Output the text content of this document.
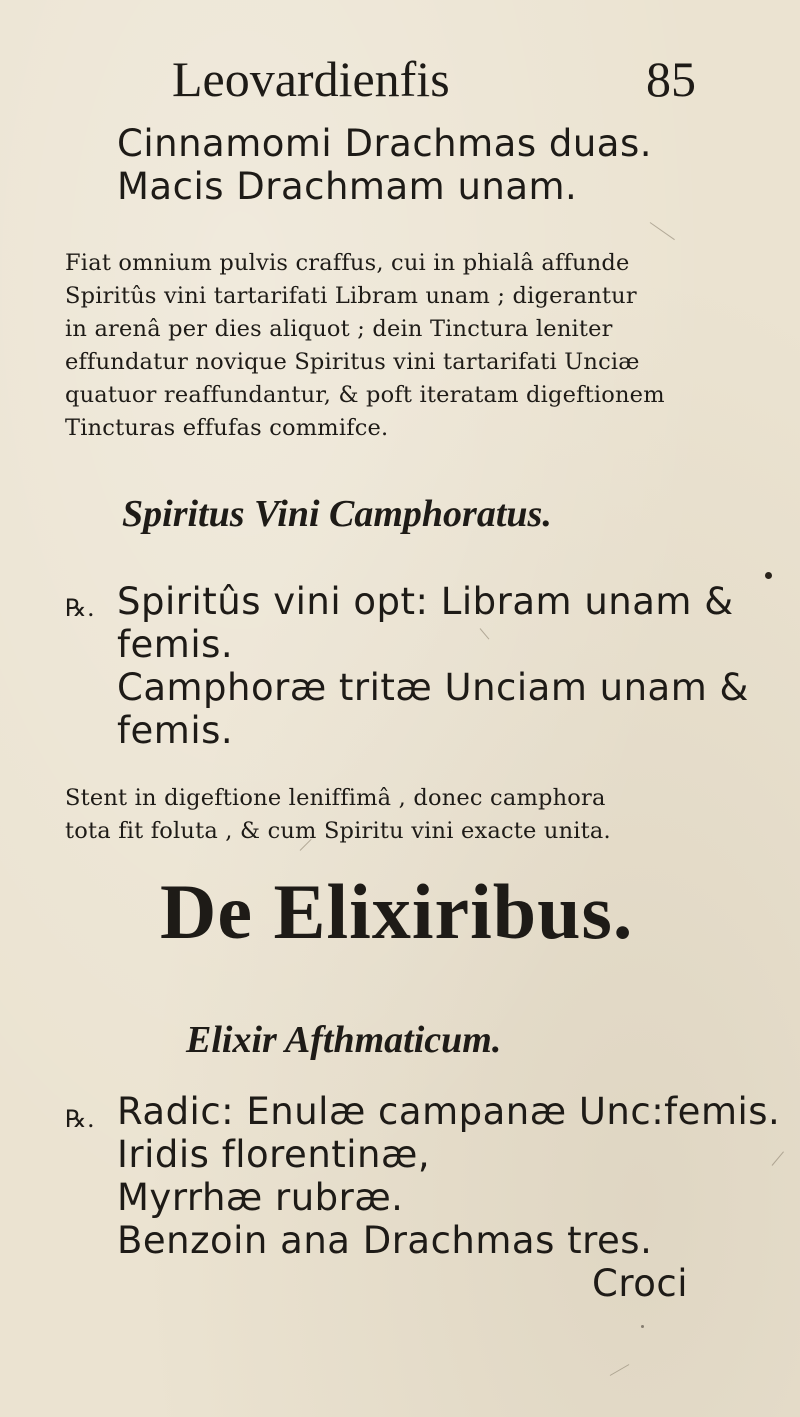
Leovardienfis	85
Cinnamomi Drachmas duas.
Macis Drachmam unam.
Fiat omnium pulvis craffus, cui in phialâ affunde
Spiritûs vini tartarifati Libram unam ; digerantur
in arenâ per dies aliquot ; dein Tinctura leniter
effundatur novique Spiritus vini tartarifati Unciæ
quatuor reaffundantur, & poft iteratam digeftionem
Tincturas effufas commifce.
Spiritus Vini Camphoratus.
℞. Spiritûs vini opt: Libram unam &
femis.
Camphoræ tritæ Unciam unam &
femis.
Stent in digeftione leniffimâ , donec camphora
tota fit foluta , & cum Spiritu vini exacte unita.
De Elixiribus.
Elixir Afthmaticum.
℞. Radic: Enulæ campanæ Unc:femis.
Iridis florentinæ,
Myrrhæ rubræ.
Benzoin ana Drachmas tres.
Croci
